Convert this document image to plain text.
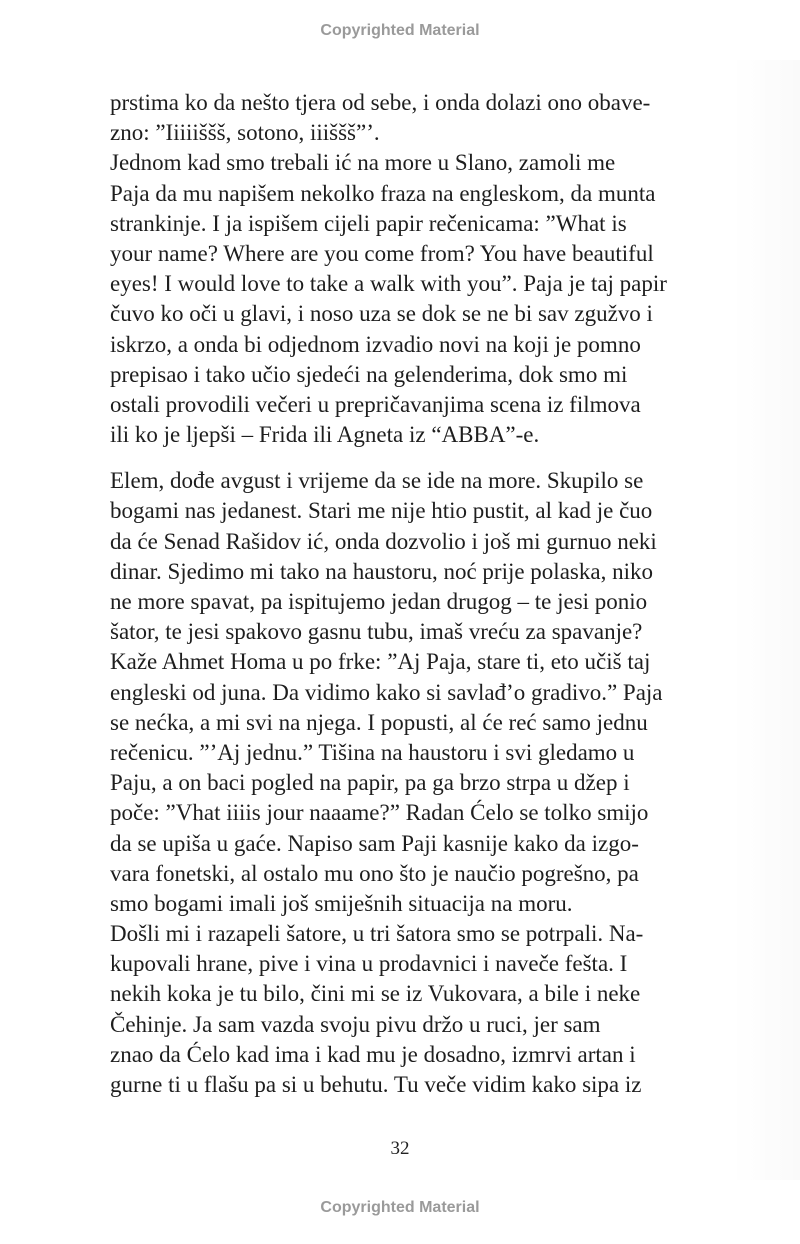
Copyrighted Material
prstima ko da nešto tjera od sebe, i onda dolazi ono obave-
zno: ”Iiiiiššš, sotono, iiiššš”’.
Jednom kad smo trebali ić na more u Slano, zamoli me
Paja da mu napišem nekolko fraza na engleskom, da munta
strankinje. I ja ispišem cijeli papir rečenicama: ”What is
your name? Where are you come from? You have beautiful
eyes! I would love to take a walk with you”. Paja je taj papir
čuvo ko oči u glavi, i noso uza se dok se ne bi sav zgužvo i
iskrzo, a onda bi odjednom izvadio novi na koji je pomno
prepisao i tako učio sjedeći na gelenderima, dok smo mi
ostali provodili večeri u prepričavanjima scena iz filmova
ili ko je ljepši – Frida ili Agneta iz “ABBA”-e.
Elem, dođe avgust i vrijeme da se ide na more. Skupilo se
bogami nas jedanest. Stari me nije htio pustit, al kad je čuo
da će Senad Rašidov ić, onda dozvolio i još mi gurnuo neki
dinar. Sjedimo mi tako na haustoru, noć prije polaska, niko
ne more spavat, pa ispitujemo jedan drugog – te jesi ponio
šator, te jesi spakovo gasnu tubu, imaš vreću za spavanje?
Kaže Ahmet Homa u po frke: ”Aj Paja, stare ti, eto učiš taj
engleski od juna. Da vidimo kako si savlađ’o gradivo.” Paja
se nećka, a mi svi na njega. I popusti, al će reć samo jednu
rečenicu. ”’Aj jednu.” Tišina na haustoru i svi gledamo u
Paju, a on baci pogled na papir, pa ga brzo strpa u džep i
poče: ”Vhat iiiis jour naaame?” Radan Ćelo se tolko smijo
da se upiša u gaće. Napiso sam Paji kasnije kako da izgo-
vara fonetski, al ostalo mu ono što je naučio pogrešno, pa
smo bogami imali još smiješnih situacija na moru.
Došli mi i razapeli šatore, u tri šatora smo se potrpali. Na-
kupovali hrane, pive i vina u prodavnici i naveče fešta. I
nekih koka je tu bilo, čini mi se iz Vukovara, a bile i neke
Čehinje. Ja sam vazda svoju pivu držo u ruci, jer sam
znao da Ćelo kad ima i kad mu je dosadno, izmrvi artan i
gurne ti u flašu pa si u behutu. Tu veče vidim kako sipa iz
32
Copyrighted Material
